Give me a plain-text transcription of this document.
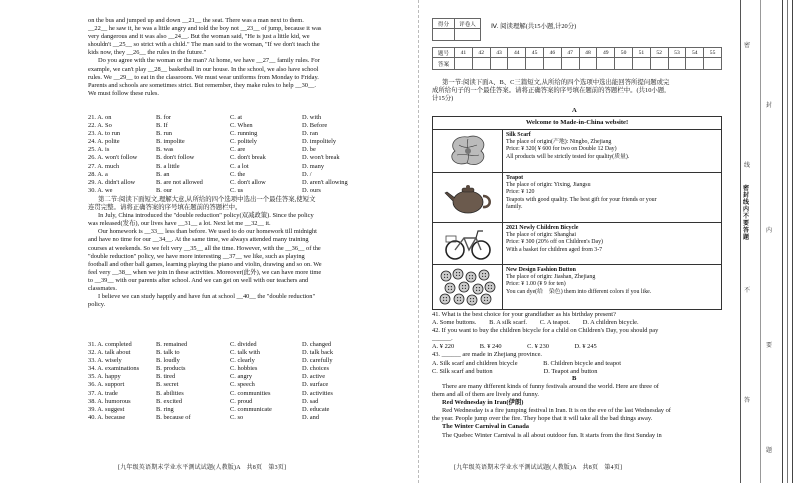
on the bus and jumped up and down __21__ the seat. There was a man next to them.

__22__ he saw it, he was a little angry and told the boy not __23__ of jump, because it was

very dangerous and it was also __24__. But the woman said, "He is just a little kid, we

shouldn't __25__ so strict with a child." The man said to the woman, "If we don't teach the

kids now, they __26__ the rules in the future."

Do you agree with the woman or the man? At home, we have __27__ family rules. For

example, we can't play __28__ basketball in our house. In the school, we also have school

rules. We __29__ to eat in the classroom. We must wear uniforms from Monday to Friday.

Parents and schools are sometimes strict. But remember, they make rules to help __30__.

We must follow these rules.

21. A. on	B. for	C. at	D. with
22. A. So	B. If	C. When	D. Before
23. A. to run	B. run	C. running	D. ran
24. A. polite	B. impolite	C. politely	D. impolitely
25. A. is	B. was	C. are	D. be
26. A. won't follow	B. don't follow	C. don't break	D. won't break
27. A. much	B. a little	C. a lot	D. many
28. A. a	B. an	C. the	D. /
29. A. didn't allow	B. are not allowed	C. don't allow	D. aren't allowing
30. A. we	B. our	C. us	D. ours

第二节:阅读下面短文,理解大意,从所给的四个选项中选出一个最佳答案,使短文

连贯完整。请将正确答案的序号填在题前的答题栏中。

In July, China introduced the "double reduction" policy(双减政策). Since the policy

was released(发布), our lives have __31__ a lot. Next let me __32__ it.

Our homework is __33__ less than before. We used to do our homework till midnight

and have no time for our __34__. At the same time, we always attended many training

courses at weekends. So we felt very __35__ all the time. However, with the __36__ of the

"double reduction" policy, we have more interesting __37__ we like, such as playing

football and other ball games, learning playing the piano and violin, drawing and so on. We

feel very __38__ when we join in these activities. Moreover(此外), we can have more time

to __39__ with our parents after school. And we can get on well with our teachers and

classmates.

I believe we can study happily and have fun at school __40__ the "double reduction"

policy.

31. A. completed	B. remained	C. divided	D. changed
32. A. talk about	B. talk to	C. talk with	D. talk back
33. A. wisely	B. loudly	C. clearly	D. carefully
34. A. examinations	B. products	C. hobbies	D. choices
35. A. happy	B. tired	C. angry	D. active
36. A. support	B. secret	C. speech	D. surface
37. A. trade	B. abilities	C. communities	D. activities
38. A. humorous	B. excited	C. proud	D. sad
39. A. suggest	B. ring	C. communicate	D. educate
40. A. because	B. because of	C. so	D. and
[九年级英语期末学业水平测试试题(人教版)A　共8页　第3页]
得分	评卷人
	Ⅳ. 阅读理解(共15小题,计20分)
题号	41	42	43	44	45	46	47	48	49	50	51	52	53	54	55
答案															

第一节:阅读下面A、B、C三篇短文,从所给的四个选项中选出能回答所提问题或完

成所给句子的一个最佳答案。请将正确答案的序号填在题前的答题栏中。(共10小题,

计15分)

A
Welcome to Made-in-China website!
Silk Scarf
The place of origin(产地): Ningbo, Zhejiang
Price: ¥ 320( ¥ 600 for two on Double 12 Day)
All products will be strictly tested for quality(质量).
Teapot
The place of origin: Yixing, Jiangsu
Price: ¥ 120
Teapots with good quality. The best gift for your friends or your
family.
2021 Newly Children Bicycle
The place of origin: Shanghai
Price: ¥ 300 (20% off on Children's Day)
With a basket for children aged from 3-7
New Design Fashion Button
The place of origin: Jiashan, Zhejiang
Price: ¥ 1.00 (¥ 9 for ten)
You can dye(给　染色) them into different colors if you like.

41. What is the best choice for your grandfather as his birthday present?

A. Some buttons.　　B. A silk scarf.　　C. A teapot.　　D. A children bicycle.

42. If you want to buy the children bicycle for a child on Children's Day, you should pay

______.

A. ¥ 220　　　　B. ¥ 240　　　　C. ¥ 230　　　　D. ¥ 245

43. ______ are made in Zhejiang province.

A. Silk scarf and children bicycle　　　　B. Children bicycle and teapot

C. Silk scarf and button　　　　　　　　D. Teapot and button

B

There are many different kinds of funny festivals around the world. Here are three of

them and all of them are lively and funny.

Red Wednesday in Iran(伊朗)

Red Wednesday is a fire jumping festival in Iran. It is on the eve of the last Wednesday of

the year. People jump over the fire. They hope that it will take all the bad things away.

The Winter Carnival in Canada

The Quebec Winter Carnival is all about outdoor fun. It starts from the first Sunday in

[九年级英语期末学业水平测试试题(人教版)A　共8页　第4页]
密
封
线
内
不
要
答
题
密封线内不要答题
